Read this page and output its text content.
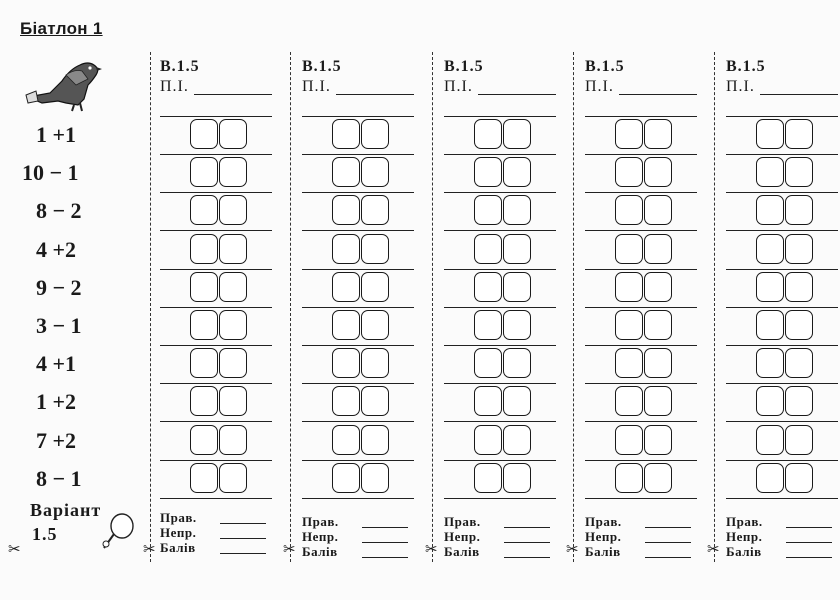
Біатлон 1
1 +1
10 − 1
8 − 2
4 +2
9 − 2
3 − 1
4 +1
1 +2
7 +2
8 − 1
Варіант
1.5
✂	✂	✂	✂	✂
✂
В.1.5
П.І.
Прав.
Непр.
Балів
В.1.5
П.І.
Прав.
Непр.
Балів
В.1.5
П.І.
Прав.
Непр.
Балів
В.1.5
П.І.
Прав.
Непр.
Балів
В.1.5
П.І.
Прав.
Непр.
Балів
